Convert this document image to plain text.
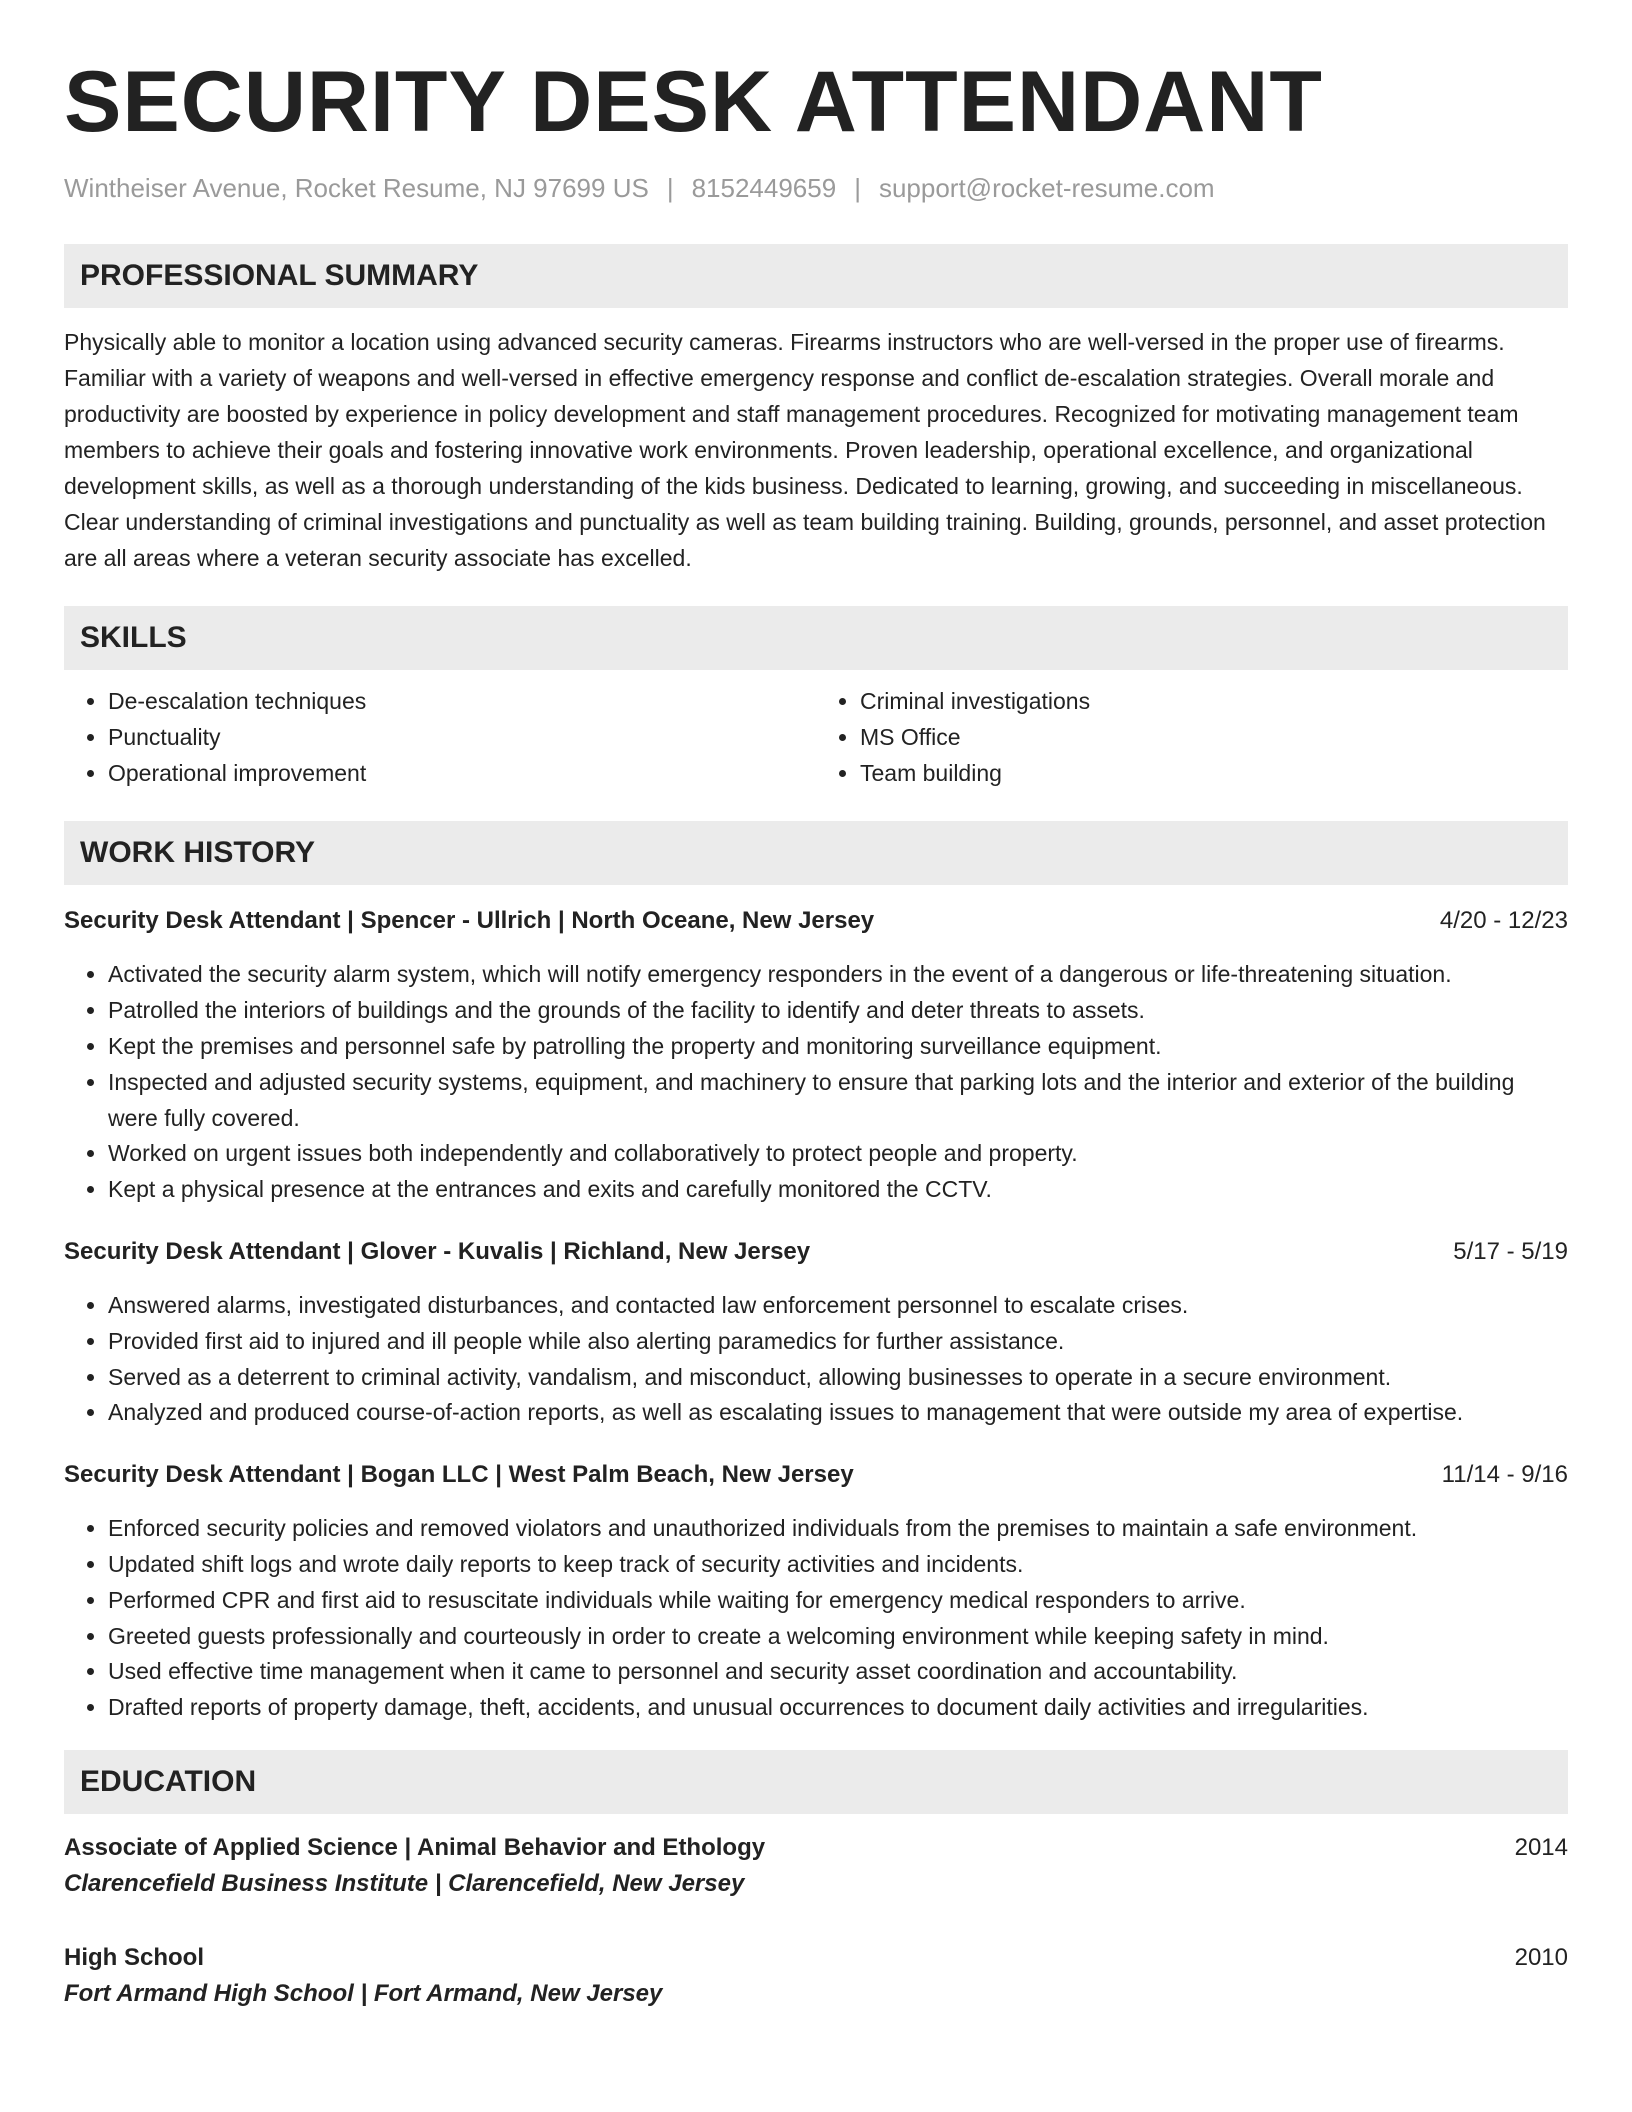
SECURITY DESK ATTENDANT
Wintheiser Avenue, Rocket Resume, NJ 97699 US | 8152449659 | support@rocket-resume.com
PROFESSIONAL SUMMARY
Physically able to monitor a location using advanced security cameras. Firearms instructors who are well-versed in the proper use of firearms. Familiar with a variety of weapons and well-versed in effective emergency response and conflict de-escalation strategies. Overall morale and productivity are boosted by experience in policy development and staff management procedures. Recognized for motivating management team members to achieve their goals and fostering innovative work environments. Proven leadership, operational excellence, and organizational development skills, as well as a thorough understanding of the kids business. Dedicated to learning, growing, and succeeding in miscellaneous. Clear understanding of criminal investigations and punctuality as well as team building training. Building, grounds, personnel, and asset protection are all areas where a veteran security associate has excelled.
SKILLS
• De-escalation techniques
• Punctuality
• Operational improvement
• Criminal investigations
• MS Office
• Team building
WORK HISTORY
Security Desk Attendant | Spencer - Ullrich | North Oceane, New Jersey	4/20 - 12/23
• Activated the security alarm system, which will notify emergency responders in the event of a dangerous or life-threatening situation.
• Patrolled the interiors of buildings and the grounds of the facility to identify and deter threats to assets.
• Kept the premises and personnel safe by patrolling the property and monitoring surveillance equipment.
• Inspected and adjusted security systems, equipment, and machinery to ensure that parking lots and the interior and exterior of the building were fully covered.
• Worked on urgent issues both independently and collaboratively to protect people and property.
• Kept a physical presence at the entrances and exits and carefully monitored the CCTV.
Security Desk Attendant | Glover - Kuvalis | Richland, New Jersey	5/17 - 5/19
• Answered alarms, investigated disturbances, and contacted law enforcement personnel to escalate crises.
• Provided first aid to injured and ill people while also alerting paramedics for further assistance.
• Served as a deterrent to criminal activity, vandalism, and misconduct, allowing businesses to operate in a secure environment.
• Analyzed and produced course-of-action reports, as well as escalating issues to management that were outside my area of expertise.
Security Desk Attendant | Bogan LLC | West Palm Beach, New Jersey	11/14 - 9/16
• Enforced security policies and removed violators and unauthorized individuals from the premises to maintain a safe environment.
• Updated shift logs and wrote daily reports to keep track of security activities and incidents.
• Performed CPR and first aid to resuscitate individuals while waiting for emergency medical responders to arrive.
• Greeted guests professionally and courteously in order to create a welcoming environment while keeping safety in mind.
• Used effective time management when it came to personnel and security asset coordination and accountability.
• Drafted reports of property damage, theft, accidents, and unusual occurrences to document daily activities and irregularities.
EDUCATION
Associate of Applied Science | Animal Behavior and Ethology	2014
Clarencefield Business Institute | Clarencefield, New Jersey
High School	2010
Fort Armand High School | Fort Armand, New Jersey
